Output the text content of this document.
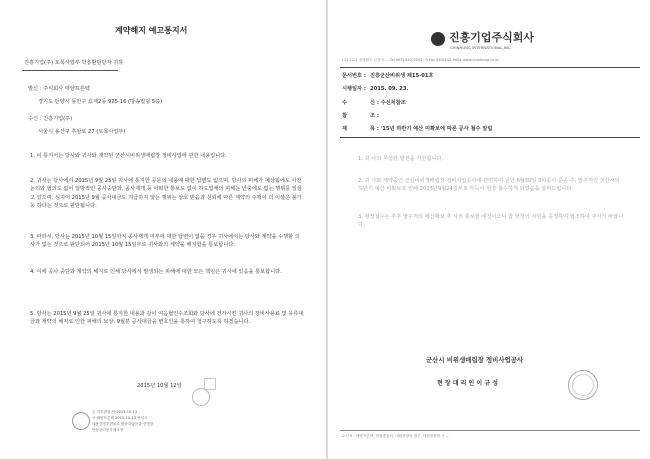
계약해지 예고통지서
진흥기업(주) 토목사업부 박흥환담당자 귀하
발신 : 주식회사 태양프론텍
경기도 안양시 동안구 호계2동 925-16 (방송빌딩 5층)
수신 : 진흥기업(주)
서울시 용산구 후암로 27 (토목사업부)
1. 이 통지서는 당사와 귀사와 계약된 군산시비위생매립장 정비사업에 관한 내용입니다.
2. 귀사는 당사에서 2015년 9월 25일 귀사에 통지한 공문의 내용에 대한 답변도 없으며, 당사의 피해가 예상됨에도 사전 논의와 협의도 없이 일방적인 공사중단과, 공사재개 등 어떠한 통보도 없이 하도업체의 피해는 안중에도 없는 행위를 일삼고 있으며, 심지어 2015년 9월 공사대금도 지급하지 않는 행위는 상호 믿음과 신뢰에 따른 계약의 수행이 더 이상은 불가능 하다는 것으로 판단됩니다.
3. 따라서, 당사는 2015년 10월 15일까지 공사재개 여부에 대한 답변이 없을 경우 귀사에서는 당사와 계약을 수행할 의사가 없는 것으로 판단되어 2015년 10월 15일부로 귀사와의 계약을 해지함을 통보합니다.
4. 이에 공사 중단과 계약의 해지로 인해 당사에서 발생되는 피해에 대한 모든 책임은 귀사에 있음을 통보합니다.
5. 당사는 2015년 9월 25일 귀사에 통지한 내용과 같이 여음협인수조회와 당사에 건가시킨 귀사의 장비사용료 및 유류대금과 계약의 해지로 인한 피해의 보상, 9월분 공사대금을 변호인을 통하여 청구하도록 하겠습니다.
2015년 10월 12일
등 기우편물 안 2015-10-13
사 태양프론텍 2015-10-13 안녕시
내용증명우편물로 발송하였음을 증명함
안동관리동우체국장
진흥기업주식회사
CHINHUNG INTERNATIONAL,INC.
(주) 12-1 전라북도 군산시 ... Tel 063) 442-3002~3 Fax 063)442-9004 www.chinhung.co.kr
문서번호 : 진흥군산비위생 제15-01호
시행일자 : 2015. 09. 23.
수	신 : 수신처참조
참	조 :
제	목 : '15년 하반기 예산 미확보에 따른 공사 철수 알림
1. 귀 사의 무궁한 발전을 기원합니다.
2. 귀 사와 계약중인 군산비위생매립장 정비사업공사에 관련하여 금년 6월30일 3차공사 준공 후, 발주처인 군산시의 하반기 예산 미확보로 인해 2015년9월24일부로 부득이 현장 철수하게 되었음을 알려드립니다.
3. 현장철수는 추후 발주처의 예산확보 후 사전 통보할 예정이오니 참 현장의 자원을 공정하여 협조하여 주시기 바랍니다.
군산시 비위생매립장 정비사업공사
현 장 대 리 인 이 규 성
수신처 : 태양프론텍, 대원중장비, 대원중장비 철근, 대원중장비 구 ...
